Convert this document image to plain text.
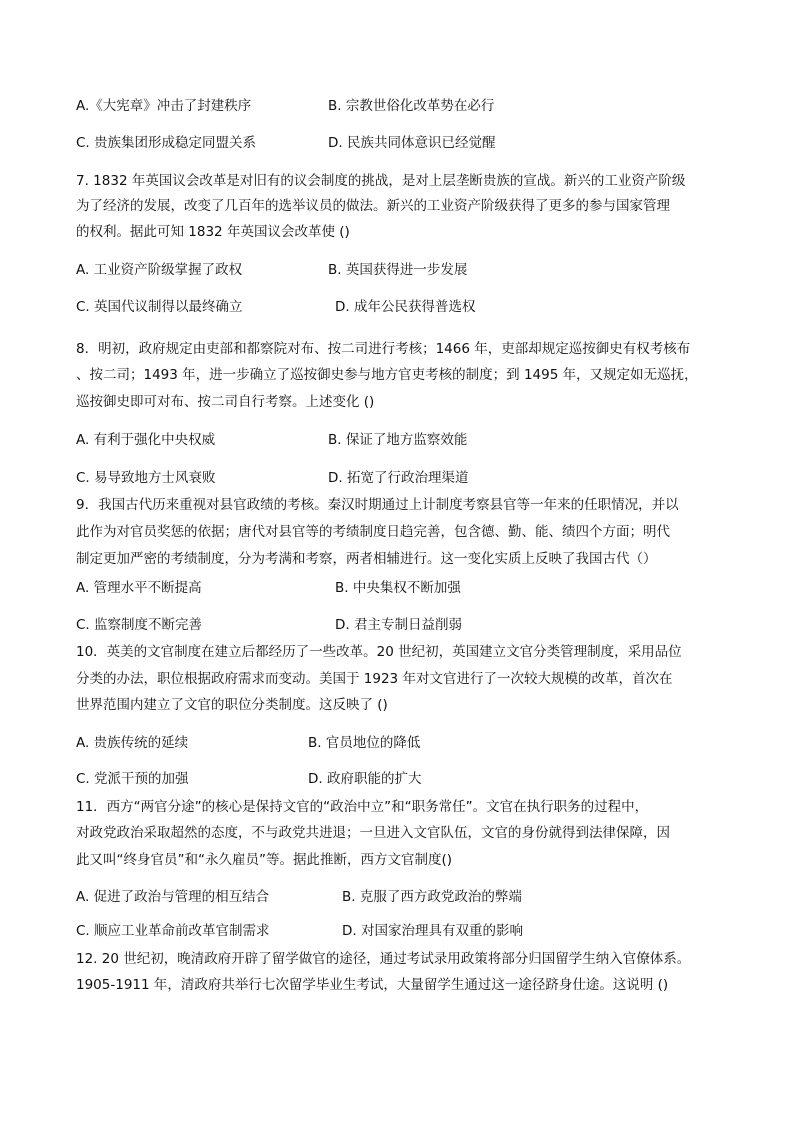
A.《大宪章》冲击了封建秩序	B. 宗教世俗化改革势在必行
C. 贵族集团形成稳定同盟关系	D. 民族共同体意识已经觉醒
7. 1832 年英国议会改革是对旧有的议会制度的挑战，是对上层垄断贵族的宣战。新兴的工业资产阶级
为了经济的发展，改变了几百年的选举议员的做法。新兴的工业资产阶级获得了更多的参与国家管理
的权利。据此可知 1832 年英国议会改革使 ()
A. 工业资产阶级掌握了政权	B. 英国获得进一步发展
C. 英国代议制得以最终确立	D. 成年公民获得普选权
8．明初，政府规定由吏部和都察院对布、按二司进行考核；1466 年，吏部却规定巡按御史有权考核布
、按二司；1493 年，进一步确立了巡按御史参与地方官吏考核的制度；到 1495 年，又规定如无巡抚，
巡按御史即可对布、按二司自行考察。上述变化 ()
A. 有利于强化中央权威	B. 保证了地方监察效能
C. 易导致地方士风衰败	D. 拓宽了行政治理渠道
9．我国古代历来重视对县官政绩的考核。秦汉时期通过上计制度考察县官等一年来的任职情况，并以
此作为对官员奖惩的依据；唐代对县官等的考绩制度日趋完善，包含德、勤、能、绩四个方面；明代
制定更加严密的考绩制度，分为考满和考察，两者相辅进行。这一变化实质上反映了我国古代（）
A. 管理水平不断提高	B. 中央集权不断加强
C. 监察制度不断完善	D. 君主专制日益削弱
10．英美的文官制度在建立后都经历了一些改革。20 世纪初，英国建立文官分类管理制度，采用品位
分类的办法，职位根据政府需求而变动。美国于 1923 年对文官进行了一次较大规模的改革，首次在
世界范围内建立了文官的职位分类制度。这反映了 ()
A. 贵族传统的延续	B. 官员地位的降低
C. 党派干预的加强	D. 政府职能的扩大
11．西方“两官分途”的核心是保持文官的“政治中立”和“职务常任”。文官在执行职务的过程中，
对政党政治采取超然的态度，不与政党共进退；一旦进入文官队伍，文官的身份就得到法律保障，因
此又叫“终身官员”和“永久雇员”等。据此推断，西方文官制度()
A. 促进了政治与管理的相互结合	B. 克服了西方政党政治的弊端
C. 顺应工业革命前改革官制需求	D. 对国家治理具有双重的影响
12. 20 世纪初，晚清政府开辟了留学做官的途径，通过考试录用政策将部分归国留学生纳入官僚体系。
1905-1911 年，清政府共举行七次留学毕业生考试，大量留学生通过这一途径跻身仕途。这说明 ()
